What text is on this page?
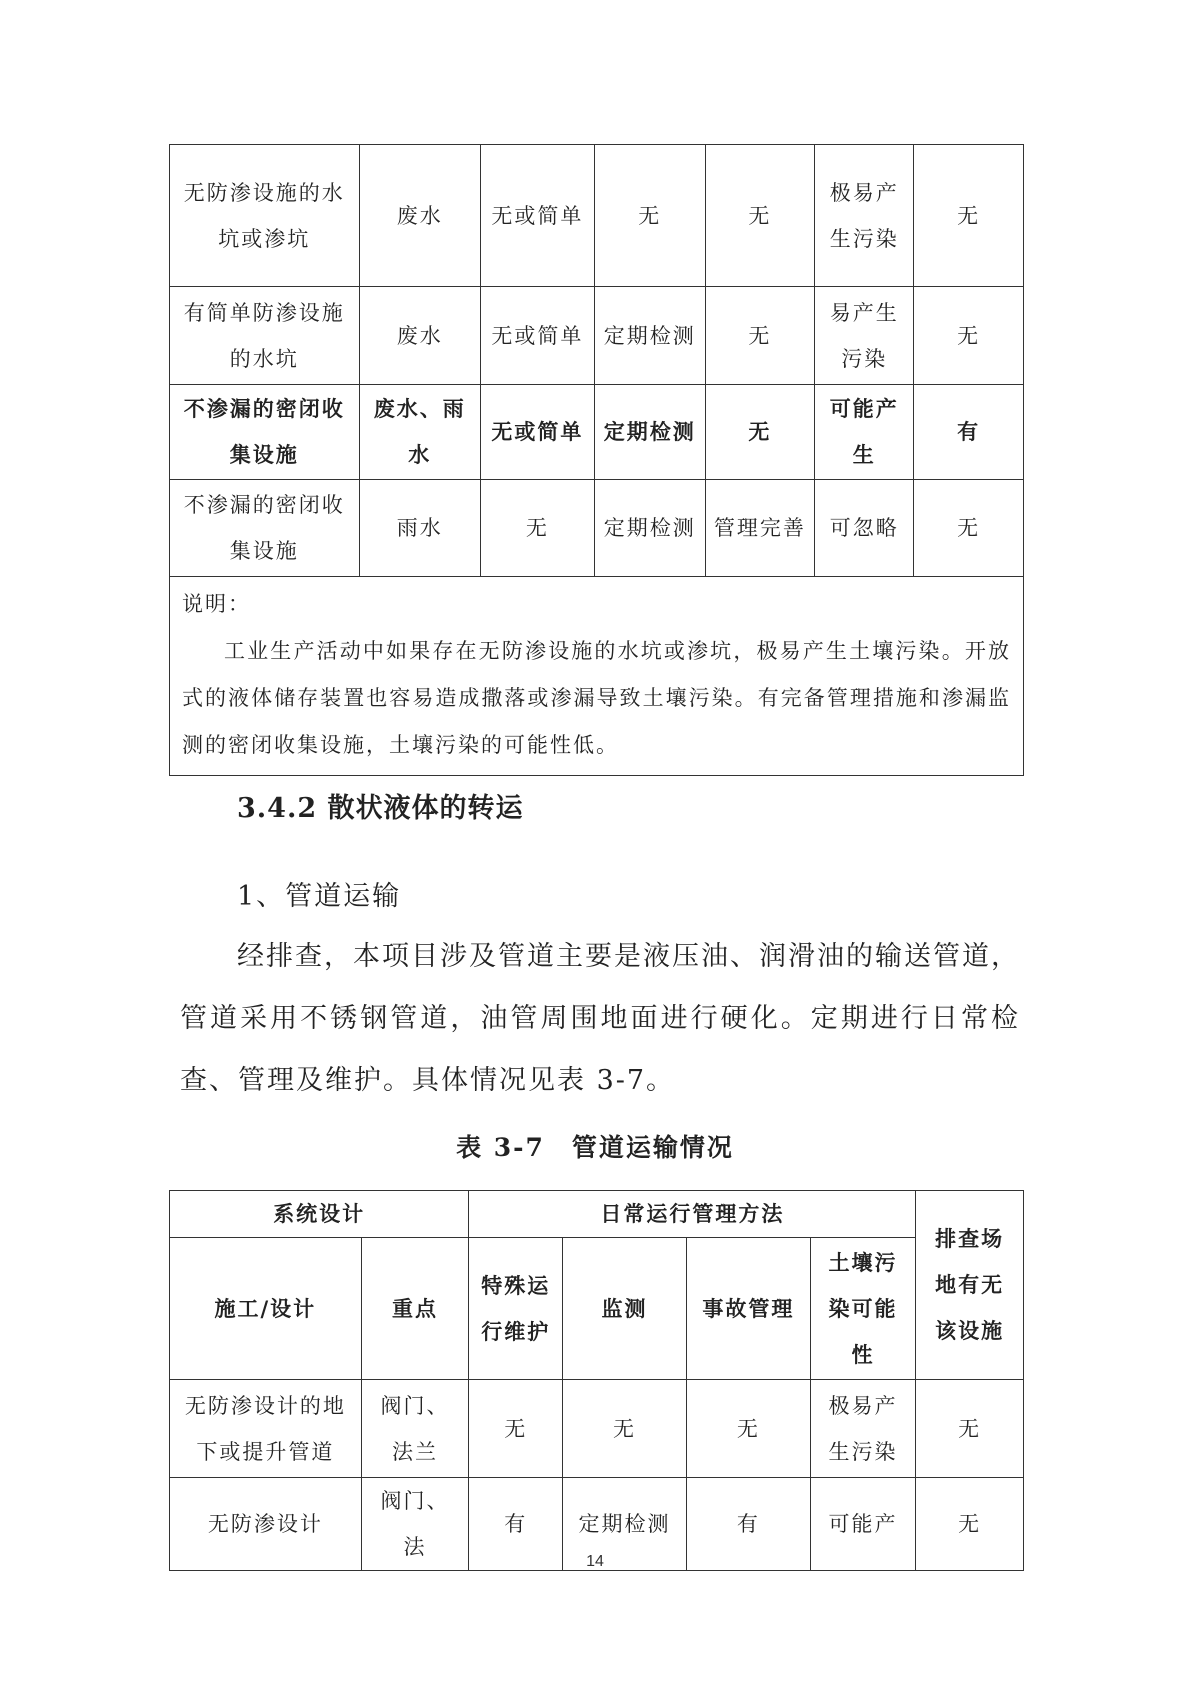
无防渗设施的水坑或渗坑	废水	无或简单	无	无	极易产生污染	无
有简单防渗设施的水坑	废水	无或简单	定期检测	无	易产生污染	无
不渗漏的密闭收集设施	废水、雨水	无或简单	定期检测	无	可能产生	有
不渗漏的密闭收集设施	雨水	无	定期检测	管理完善	可忽略	无

说明：
工业生产活动中如果存在无防渗设施的水坑或渗坑，极易产生土壤污染。开放式的液体储存装置也容易造成撒落或渗漏导致土壤污染。有完备管理措施和渗漏监测的密闭收集设施，土壤污染的可能性低。						
3.4.2 散状液体的转运
1、管道运输
经排查，本项目涉及管道主要是液压油、润滑油的输送管道，管道采用不锈钢管道，油管周围地面进行硬化。定期进行日常检查、管理及维护。具体情况见表 3-7。
表 3-7　管道运输情况
系统设计		日常运行管理方法				排查场地有无该设施
施工/设计	重点	特殊运行维护	监测	事故管理	土壤污染可能性	
无防渗设计的地下或提升管道	阀门、法兰	无	无	无	极易产生污染	无
无防渗设计	阀门、法	有	定期检测	有	可能产	无
14
